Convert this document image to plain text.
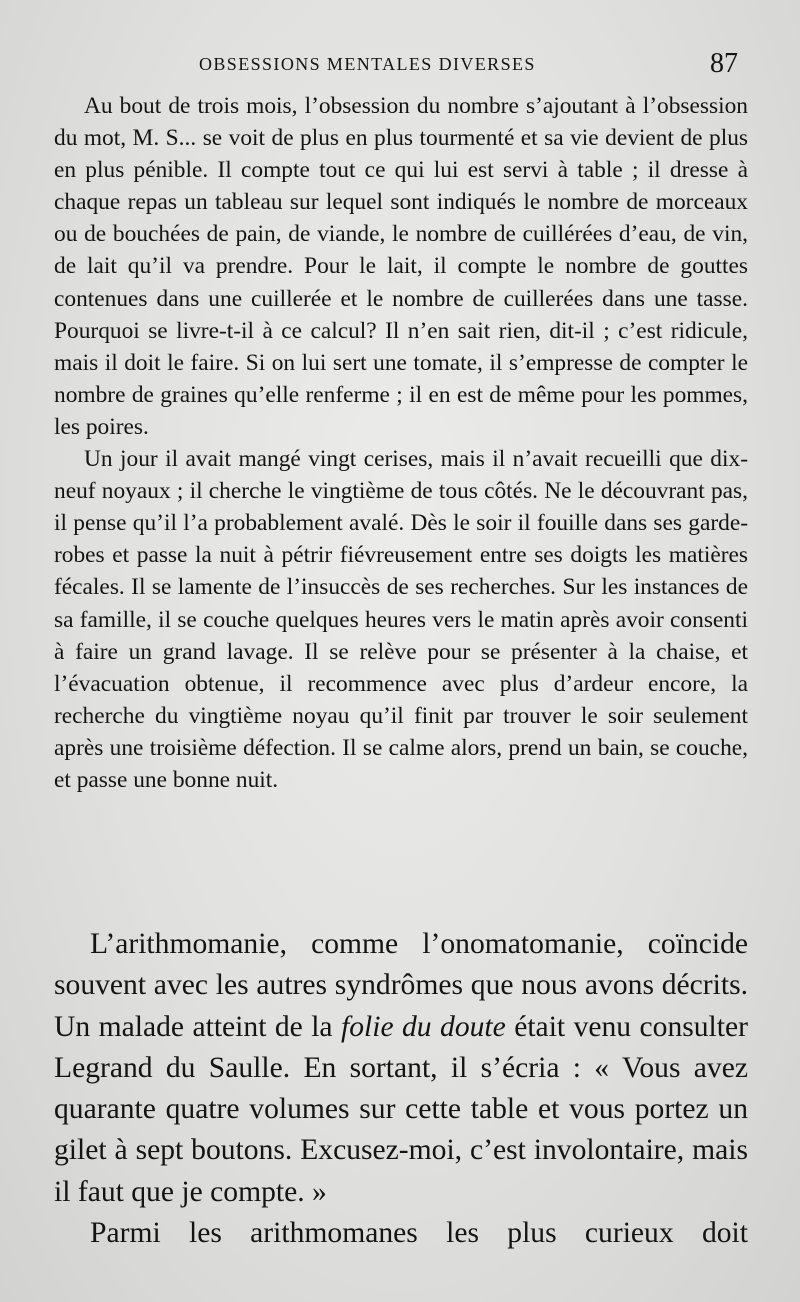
OBSESSIONS MENTALES DIVERSES	87

Au bout de trois mois, l’obsession du nombre s’ajoutant à l’obsession du mot, M. S... se voit de plus en plus tourmenté et sa vie devient de plus en plus pénible. Il compte tout ce qui lui est servi à table ; il dresse à chaque repas un tableau sur lequel sont indiqués le nombre de morceaux ou de bouchées de pain, de viande, le nombre de cuillérées d’eau, de vin, de lait qu’il va prendre. Pour le lait, il compte le nombre de gouttes contenues dans une cuillerée et le nombre de cuillerées dans une tasse. Pourquoi se livre-t-il à ce calcul? Il n’en sait rien, dit-il ; c’est ridicule, mais il doit le faire. Si on lui sert une tomate, il s’empresse de compter le nombre de graines qu’elle renferme ; il en est de même pour les pommes, les poires.

Un jour il avait mangé vingt cerises, mais il n’avait recueilli que dix-neuf noyaux ; il cherche le vingtième de tous côtés. Ne le découvrant pas, il pense qu’il l’a probablement avalé. Dès le soir il fouille dans ses garde-robes et passe la nuit à pétrir fiévreusement entre ses doigts les matières fécales. Il se lamente de l’insuccès de ses recherches. Sur les instances de sa famille, il se couche quelques heures vers le matin après avoir consenti à faire un grand lavage. Il se relève pour se présenter à la chaise, et l’évacuation obtenue, il recommence avec plus d’ardeur encore, la recherche du vingtième noyau qu’il finit par trouver le soir seulement après une troisième défection. Il se calme alors, prend un bain, se couche, et passe une bonne nuit.

L’arithmomanie, comme l’onomatomanie, coïncide souvent avec les autres syndrômes que nous avons décrits. Un malade atteint de la folie du doute était venu consulter Legrand du Saulle. En sortant, il s’écria : « Vous avez quarante quatre volumes sur cette table et vous portez un gilet à sept boutons. Excusez-moi, c’est involontaire, mais il faut que je compte. »

Parmi les arithmomanes les plus curieux doit
